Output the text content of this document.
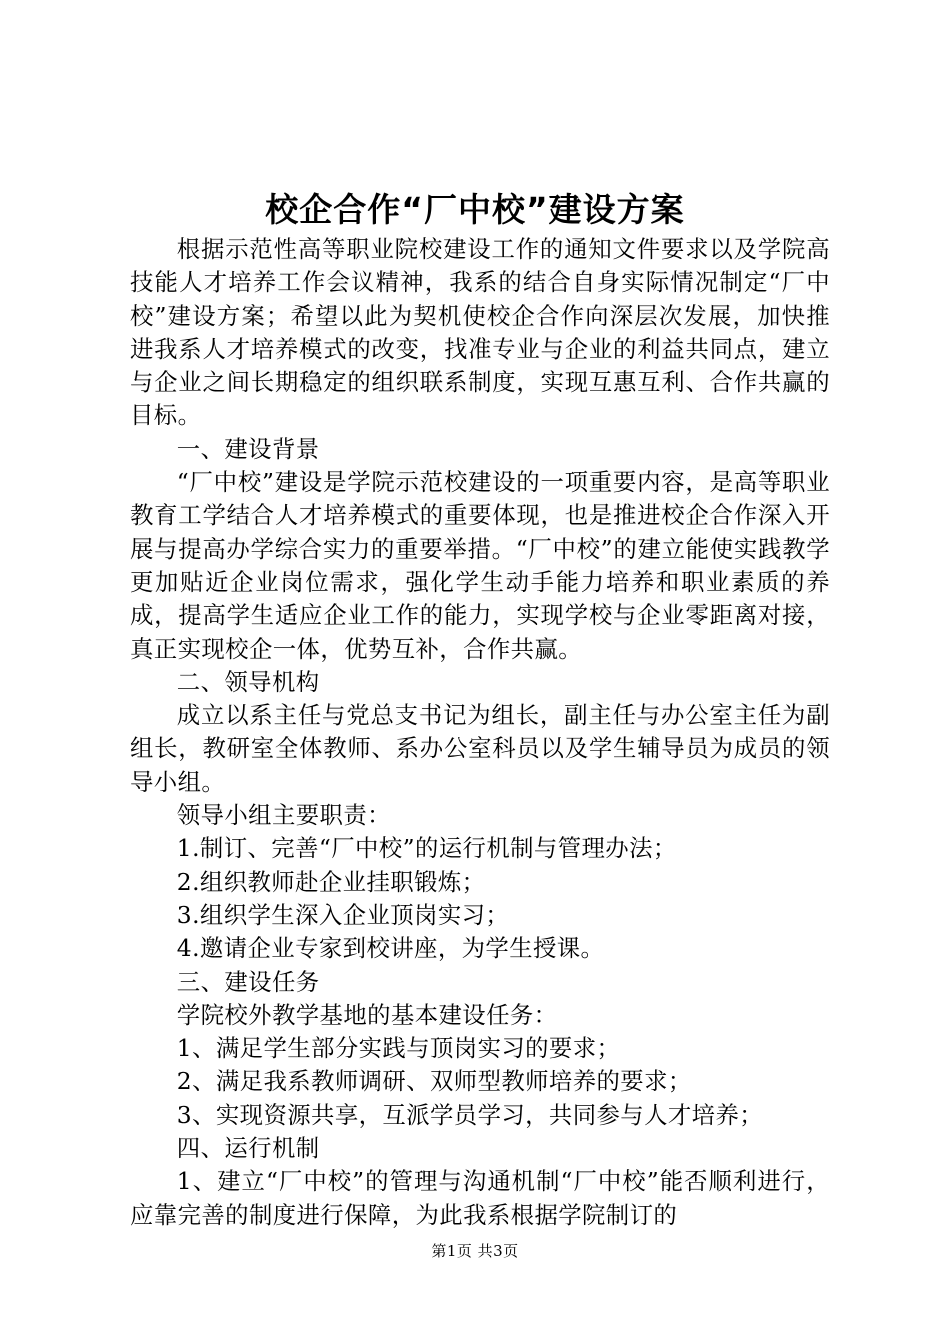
校企合作“厂中校”建设方案

根据示范性高等职业院校建设工作的通知文件要求以及学院高技能人才培养工作会议精神，我系的结合自身实际情况制定“厂中校”建设方案；希望以此为契机使校企合作向深层次发展，加快推进我系人才培养模式的改变，找准专业与企业的利益共同点，建立与企业之间长期稳定的组织联系制度，实现互惠互利、合作共赢的目标。

一、建设背景

“厂中校”建设是学院示范校建设的一项重要内容，是高等职业教育工学结合人才培养模式的重要体现，也是推进校企合作深入开展与提高办学综合实力的重要举措。“厂中校”的建立能使实践教学更加贴近企业岗位需求，强化学生动手能力培养和职业素质的养成，提高学生适应企业工作的能力，实现学校与企业零距离对接，真正实现校企一体，优势互补，合作共赢。

二、领导机构

成立以系主任与党总支书记为组长，副主任与办公室主任为副组长，教研室全体教师、系办公室科员以及学生辅导员为成员的领导小组。

领导小组主要职责：

1.制订、完善“厂中校”的运行机制与管理办法；

2.组织教师赴企业挂职锻炼；

3.组织学生深入企业顶岗实习；

4.邀请企业专家到校讲座，为学生授课。

三、建设任务

学院校外教学基地的基本建设任务：

1、满足学生部分实践与顶岗实习的要求；

2、满足我系教师调研、双师型教师培养的要求；

3、实现资源共享，互派学员学习，共同参与人才培养；

四、运行机制

1、建立“厂中校”的管理与沟通机制“厂中校”能否顺利进行，应靠完善的制度进行保障，为此我系根据学院制订的

第1页 共3页
